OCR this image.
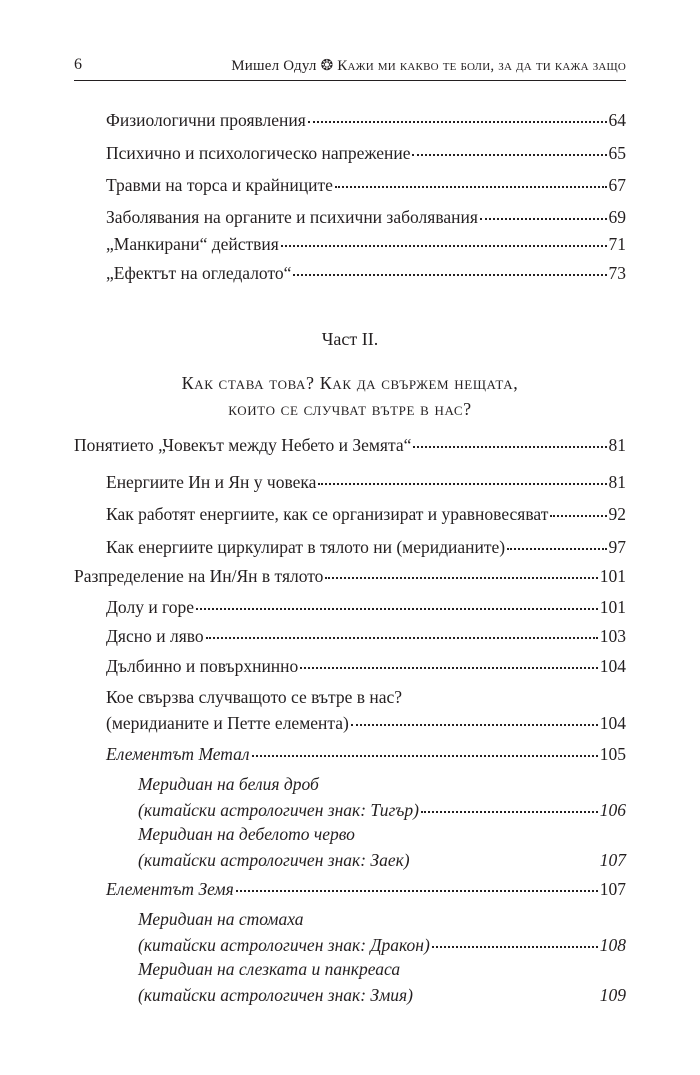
6	Мишел Одул ❂ Кажи ми какво те боли, за да ти кажа защо
Физиологични проявления	64
Психично и психологическо напрежение	65
Травми на торса и крайниците	67
Заболявания на органите и психични заболявания	69
„Манкирани“ действия	71
„Ефектът на огледалото“	73
Част II.
Как става това? Как да свържем нещата,
които се случват вътре в нас?
Понятието „Човекът между Небето и Земята“	81
Енергиите Ин и Ян у човека	81
Как работят енергиите, как се организират и уравновесяват	92
Как енергиите циркулират в тялото ни (меридианите)	97
Разпределение на Ин/Ян в тялото	101
Долу и горе	101
Дясно и ляво	103
Дълбинно и повърхнинно	104
Кое свързва случващото се вътре в нас?
(меридианите и Петте елемента)	104
Елементът Метал	105
Меридиан на белия дроб
(китайски астрологичен знак: Тигър)	106
Меридиан на дебелото черво
(китайски астрологичен знак: Заек)	107
Елементът Земя	107
Меридиан на стомаха
(китайски астрологичен знак: Дракон)	108
Меридиан на слезката и панкреаса
(китайски астрологичен знак: Змия)	109
